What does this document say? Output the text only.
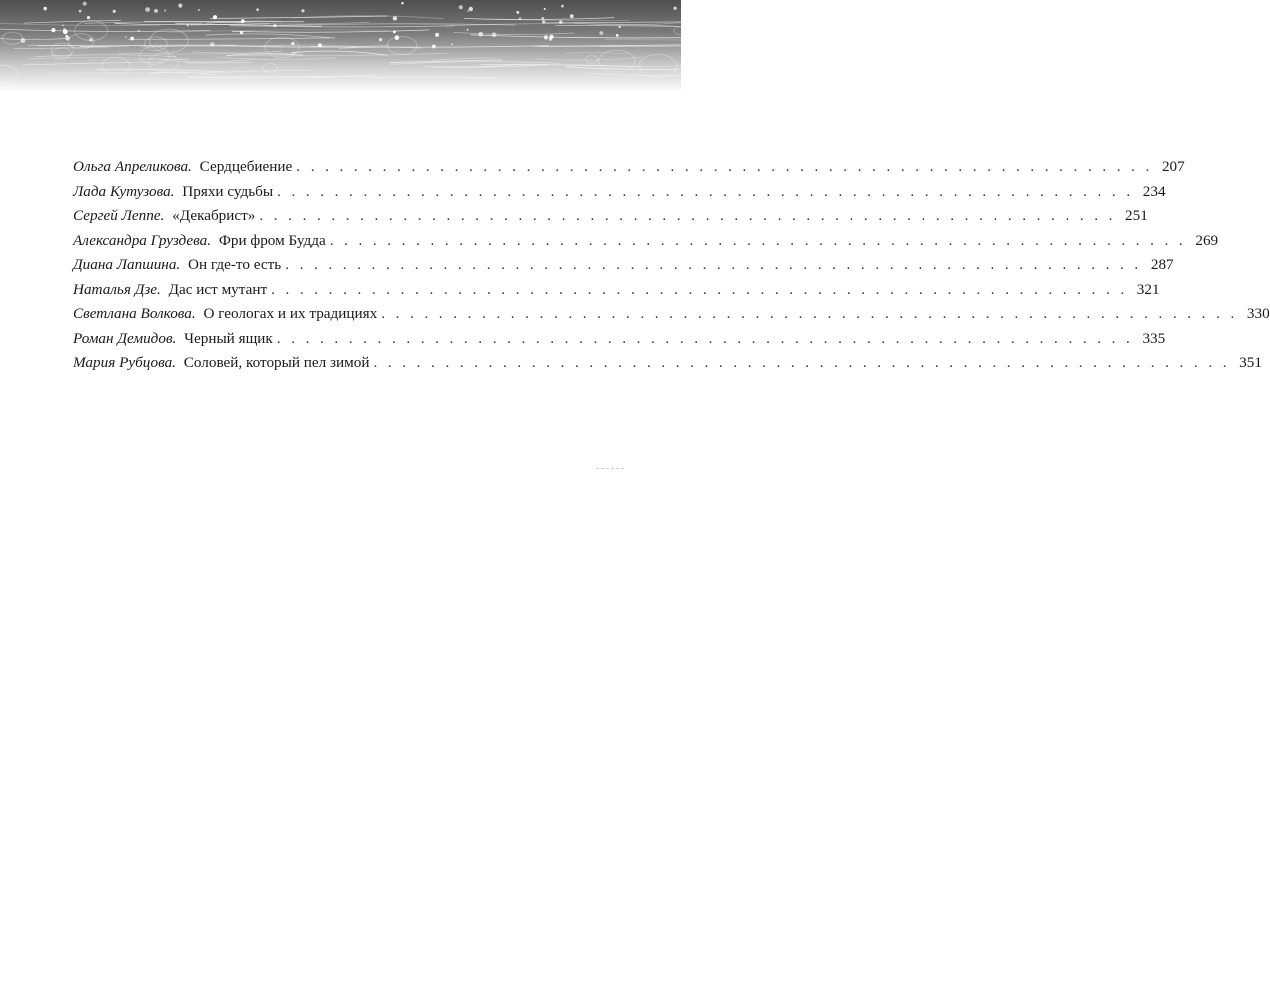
Ольга Апреликова.
Сердцебиение . . . . . . . . . . . . . . . . . . . . . . . . . . . . . . . . . . . . . . . . . . . . . . . . . . . . . . . . . . . . 207
Лада Кутузова.
Пряхи судьбы . . . . . . . . . . . . . . . . . . . . . . . . . . . . . . . . . . . . . . . . . . . . . . . . . . . . . . . . . . . . 234
Сергей Леппе.
«Декабрист» . . . . . . . . . . . . . . . . . . . . . . . . . . . . . . . . . . . . . . . . . . . . . . . . . . . . . . . . . . . . 251
Александра Груздева.
Фри фром Будда . . . . . . . . . . . . . . . . . . . . . . . . . . . . . . . . . . . . . . . . . . . . . . . . . . . . . . . . . . . . 269
Диана Лапшина.
Он где-то есть . . . . . . . . . . . . . . . . . . . . . . . . . . . . . . . . . . . . . . . . . . . . . . . . . . . . . . . . . . . . 287
Наталья Дзе.
Дас ист мутант . . . . . . . . . . . . . . . . . . . . . . . . . . . . . . . . . . . . . . . . . . . . . . . . . . . . . . . . . . . . 321
Светлана Волкова.
О геологах и их традициях . . . . . . . . . . . . . . . . . . . . . . . . . . . . . . . . . . . . . . . . . . . . . . . . . . . . . . . . . . . . 330
Роман Демидов.
Черный ящик . . . . . . . . . . . . . . . . . . . . . . . . . . . . . . . . . . . . . . . . . . . . . . . . . . . . . . . . . . . . 335
Мария Рубцова.
Соловей, который пел зимой . . . . . . . . . . . . . . . . . . . . . . . . . . . . . . . . . . . . . . . . . . . . . . . . . . . . . . . . . . . . 351
